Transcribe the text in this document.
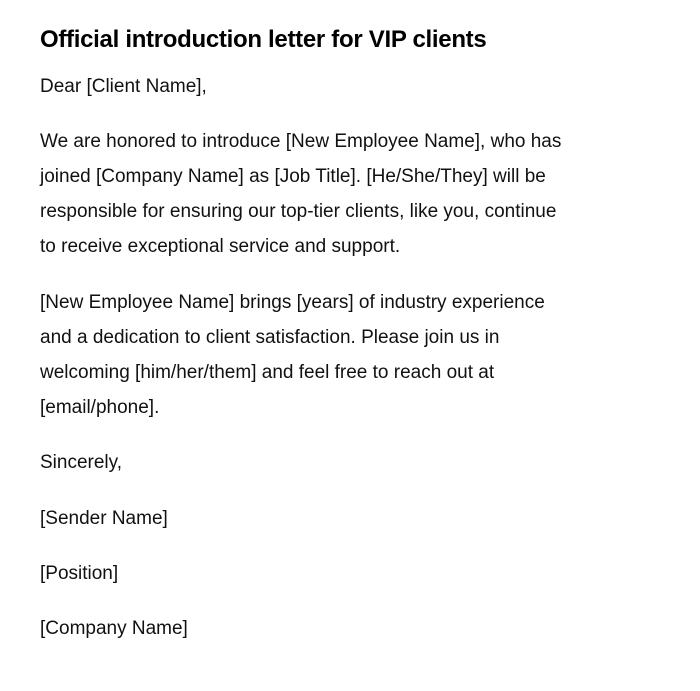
Official introduction letter for VIP clients

Dear [Client Name],

We are honored to introduce [New Employee Name], who has
joined [Company Name] as [Job Title]. [He/She/They] will be
responsible for ensuring our top-tier clients, like you, continue
to receive exceptional service and support.
[New Employee Name] brings [years] of industry experience
and a dedication to client satisfaction. Please join us in
welcoming [him/her/them] and feel free to reach out at
[email/phone].

Sincerely,

[Sender Name]

[Position]

[Company Name]
